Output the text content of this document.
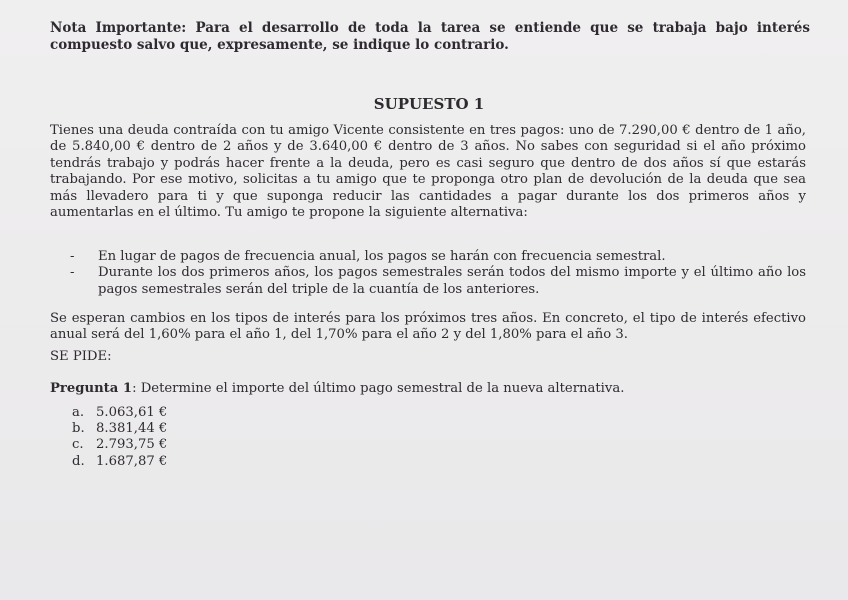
Nota Importante: Para el desarrollo de toda la tarea se entiende que se trabaja bajo interés compuesto salvo que, expresamente, se indique lo contrario.
SUPUESTO 1

Tienes una deuda contraída con tu amigo Vicente consistente en tres pagos: uno de 7.290,00 € dentro de 1 año, de 5.840,00 € dentro de 2 años y de 3.640,00 € dentro de 3 años. No sabes con seguridad si el año próximo tendrás trabajo y podrás hacer frente a la deuda, pero es casi seguro que dentro de dos años sí que estarás trabajando. Por ese motivo, solicitas a tu amigo que te proponga otro plan de devolución de la deuda que sea más llevadero para ti y que suponga reducir las cantidades a pagar durante los dos primeros años y aumentarlas en el último. Tu amigo te propone la siguiente alternativa:

- En lugar de pagos de frecuencia anual, los pagos se harán con frecuencia semestral.
- Durante los dos primeros años, los pagos semestrales serán todos del mismo importe y el último año los pagos semestrales serán del triple de la cuantía de los anteriores.

Se esperan cambios en los tipos de interés para los próximos tres años. En concreto, el tipo de interés efectivo anual será del 1,60% para el año 1, del 1,70% para el año 2 y del 1,80% para el año 3.

SE PIDE:
Pregunta 1: Determine el importe del último pago semestral de la nueva alternativa.
a. 5.063,61 €
b. 8.381,44 €
c. 2.793,75 €
d. 1.687,87 €
